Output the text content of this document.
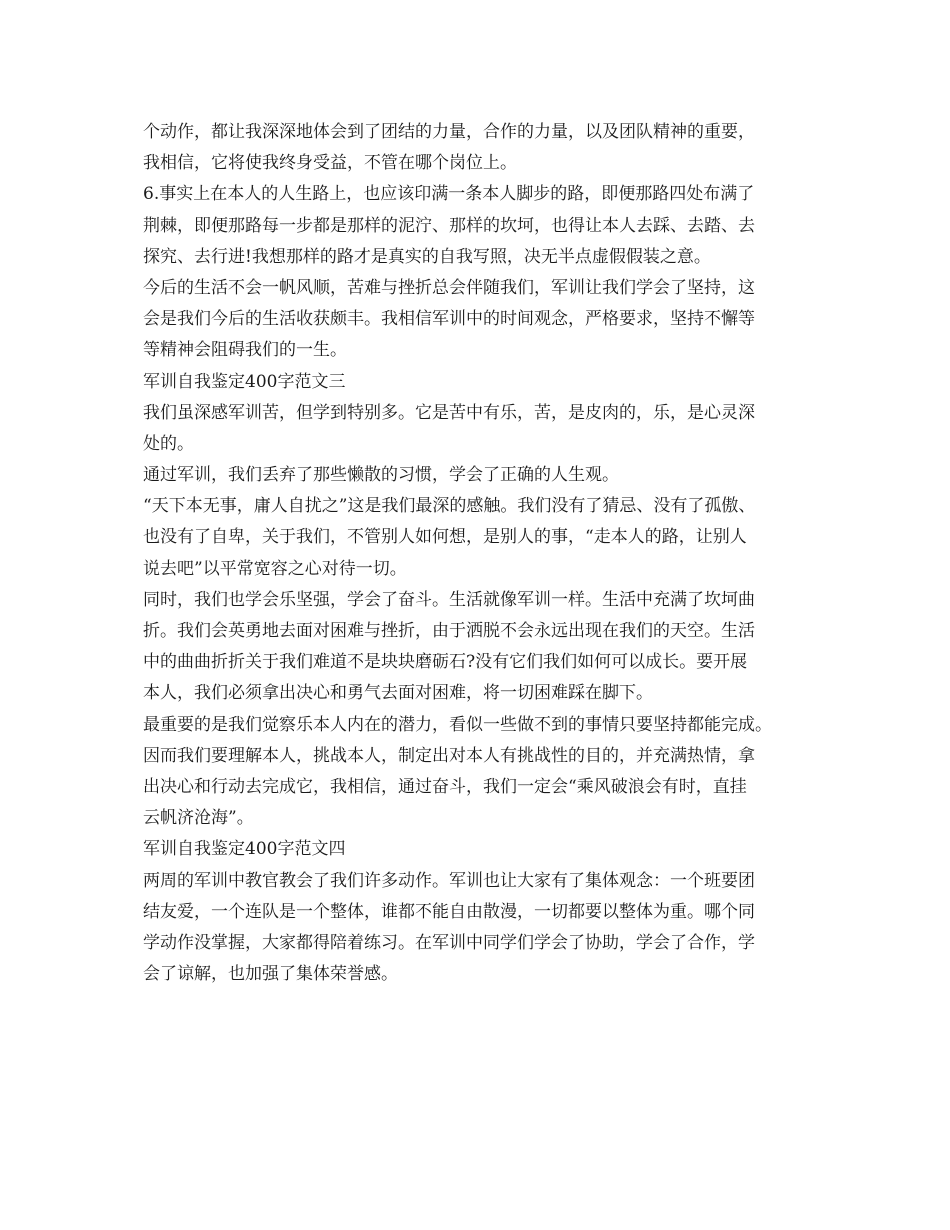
个动作，都让我深深地体会到了团结的力量，合作的力量，以及团队精神的重要，
我相信，它将使我终身受益，不管在哪个岗位上。
6.事实上在本人的人生路上，也应该印满一条本人脚步的路，即便那路四处布满了
荆棘，即便那路每一步都是那样的泥泞、那样的坎坷，也得让本人去踩、去踏、去
探究、去行进!我想那样的路才是真实的自我写照，决无半点虚假假装之意。
今后的生活不会一帆风顺，苦难与挫折总会伴随我们，军训让我们学会了坚持，这
会是我们今后的生活收获颇丰。我相信军训中的时间观念，严格要求，坚持不懈等
等精神会阻碍我们的一生。
军训自我鉴定400字范文三
我们虽深感军训苦，但学到特别多。它是苦中有乐，苦，是皮肉的，乐，是心灵深
处的。
通过军训，我们丢弃了那些懒散的习惯，学会了正确的人生观。
“天下本无事，庸人自扰之”这是我们最深的感触。我们没有了猜忌、没有了孤傲、
也没有了自卑，关于我们，不管别人如何想，是别人的事，“走本人的路，让别人
说去吧”以平常宽容之心对待一切。
同时，我们也学会乐坚强，学会了奋斗。生活就像军训一样。生活中充满了坎坷曲
折。我们会英勇地去面对困难与挫折，由于洒脱不会永远出现在我们的天空。生活
中的曲曲折折关于我们难道不是块块磨砺石?没有它们我们如何可以成长。要开展
本人，我们必须拿出决心和勇气去面对困难，将一切困难踩在脚下。
最重要的是我们觉察乐本人内在的潜力，看似一些做不到的事情只要坚持都能完成。
因而我们要理解本人，挑战本人，制定出对本人有挑战性的目的，并充满热情，拿
出决心和行动去完成它，我相信，通过奋斗，我们一定会“乘风破浪会有时，直挂
云帆济沧海”。
军训自我鉴定400字范文四
两周的军训中教官教会了我们许多动作。军训也让大家有了集体观念：一个班要团
结友爱，一个连队是一个整体，谁都不能自由散漫，一切都要以整体为重。哪个同
学动作没掌握，大家都得陪着练习。在军训中同学们学会了协助，学会了合作，学
会了谅解，也加强了集体荣誉感。
